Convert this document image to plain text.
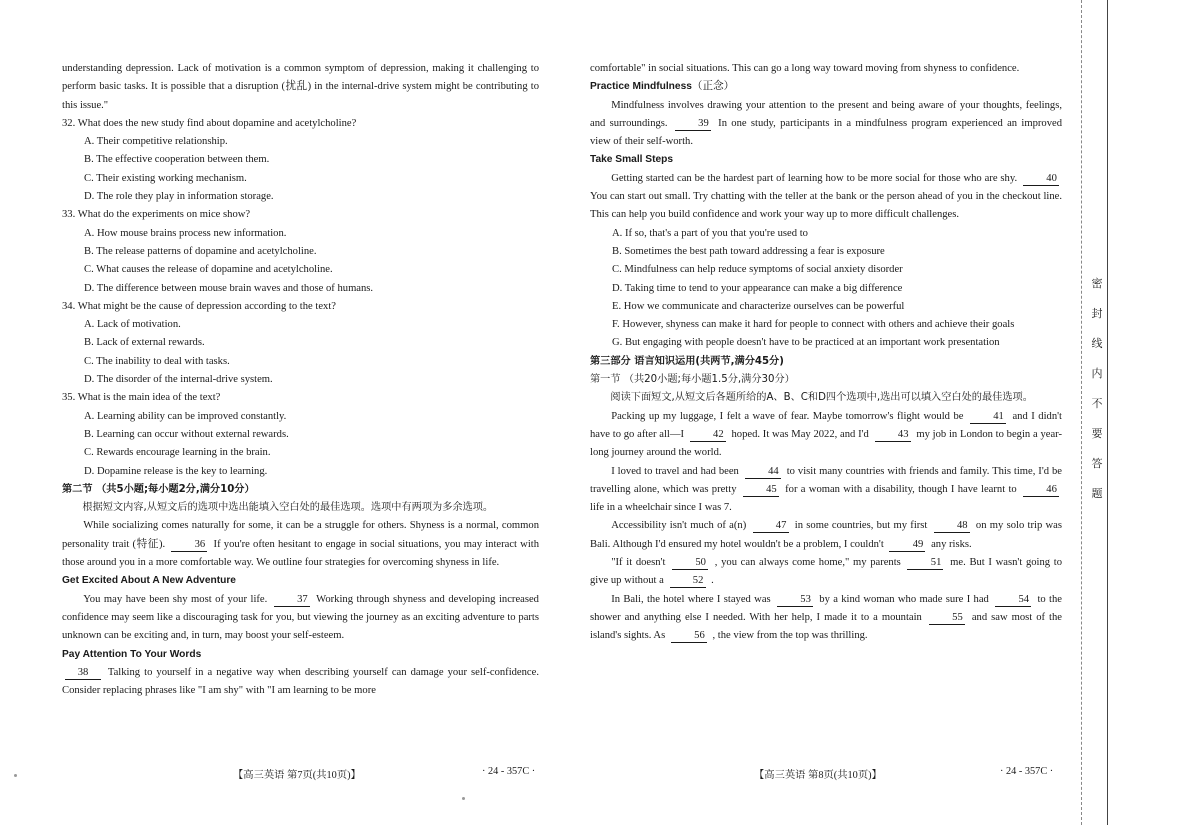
understanding depression. Lack of motivation is a common symptom of depression, making it challenging to perform basic tasks. It is possible that a disruption (扰乱) in the internal-drive system might be contributing to this issue."

32. What does the new study find about dopamine and acetylcholine?

A. Their competitive relationship.

B. The effective cooperation between them.

C. Their existing working mechanism.

D. The role they play in information storage.

33. What do the experiments on mice show?

A. How mouse brains process new information.

B. The release patterns of dopamine and acetylcholine.

C. What causes the release of dopamine and acetylcholine.

D. The difference between mouse brain waves and those of humans.

34. What might be the cause of depression according to the text?

A. Lack of motivation.

B. Lack of external rewards.

C. The inability to deal with tasks.

D. The disorder of the internal-drive system.

35. What is the main idea of the text?

A. Learning ability can be improved constantly.

B. Learning can occur without external rewards.

C. Rewards encourage learning in the brain.

D. Dopamine release is the key to learning.

第二节 （共5小题;每小题2分,满分10分）

根据短文内容,从短文后的选项中选出能填入空白处的最佳选项。选项中有两项为多余选项。

While socializing comes naturally for some, it can be a struggle for others. Shyness is a normal, common personality trait (特征). 36 If you're often hesitant to engage in social situations, you may interact with those around you in a more comfortable way. We outline four strategies for overcoming shyness in life.

Get Excited About A New Adventure

You may have been shy most of your life. 37 Working through shyness and developing increased confidence may seem like a discouraging task for you, but viewing the journey as an exciting adventure to parts unknown can be exciting and, in turn, may boost your self-esteem.

Pay Attention To Your Words

38 Talking to yourself in a negative way when describing yourself can damage your self-confidence. Consider replacing phrases like "I am shy" with "I am learning to be more

comfortable" in social situations. This can go a long way toward moving from shyness to confidence.

Practice Mindfulness（正念）

Mindfulness involves drawing your attention to the present and being aware of your thoughts, feelings, and surroundings. 39 In one study, participants in a mindfulness program experienced an improved view of their self-worth.

Take Small Steps

Getting started can be the hardest part of learning how to be more social for those who are shy. 40 You can start out small. Try chatting with the teller at the bank or the person ahead of you in the checkout line. This can help you build confidence and work your way up to more difficult challenges.

A. If so, that's a part of you that you're used to

B. Sometimes the best path toward addressing a fear is exposure

C. Mindfulness can help reduce symptoms of social anxiety disorder

D. Taking time to tend to your appearance can make a big difference

E. How we communicate and characterize ourselves can be powerful

F. However, shyness can make it hard for people to connect with others and achieve their goals

G. But engaging with people doesn't have to be practiced at an important work presentation

第三部分 语言知识运用(共两节,满分45分)

第一节 （共20小题;每小题1.5分,满分30分）

阅读下面短文,从短文后各题所给的A、B、C和D四个选项中,选出可以填入空白处的最佳选项。

Packing up my luggage, I felt a wave of fear. Maybe tomorrow's flight would be 41 and I didn't have to go after all—I 42 hoped. It was May 2022, and I'd 43 my job in London to begin a year-long journey around the world.

I loved to travel and had been 44 to visit many countries with friends and family. This time, I'd be travelling alone, which was pretty 45 for a woman with a disability, though I have learnt to 46 life in a wheelchair since I was 7.

Accessibility isn't much of a(n) 47 in some countries, but my first 48 on my solo trip was Bali. Although I'd ensured my hotel wouldn't be a problem, I couldn't 49 any risks.

"If it doesn't 50 , you can always come home," my parents 51 me. But I wasn't going to give up without a 52 .

In Bali, the hotel where I stayed was 53 by a kind woman who made sure I had 54 to the shower and anything else I needed. With her help, I made it to a mountain 55 and saw most of the island's sights. As 56 , the view from the top was thrilling.

【高三英语 第7页(共10页)】	· 24 - 357C ·	【高三英语 第8页(共10页)】	· 24 - 357C ·
密
封
线
内
不
要
答
题
